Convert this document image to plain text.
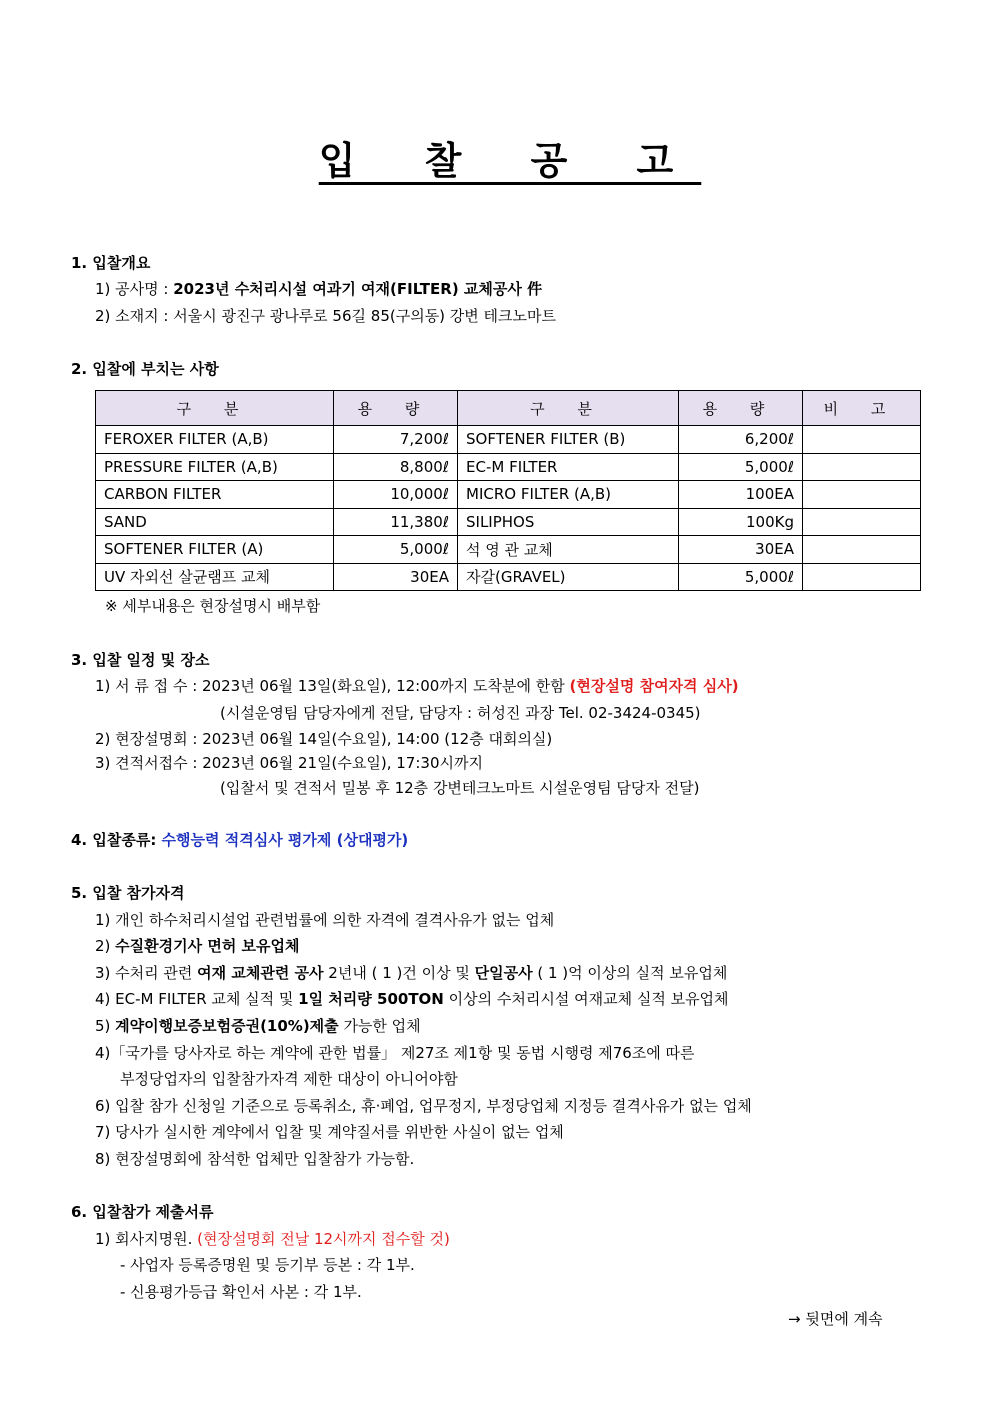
입 찰 공 고
1. 입찰개요
1) 공사명 : 2023년 수처리시설 여과기 여재(FILTER) 교체공사 件
2) 소재지 : 서울시 광진구 광나루로 56길 85(구의동) 강변 테크노마트
2. 입찰에 부치는 사항
구 분	용 량	구 분	용 량	비 고
FEROXER FILTER (A,B)	7,200ℓ	SOFTENER FILTER (B)	6,200ℓ	
PRESSURE FILTER (A,B)	8,800ℓ	EC-M FILTER	5,000ℓ	
CARBON FILTER	10,000ℓ	MICRO FILTER (A,B)	100EA	
SAND	11,380ℓ	SILIPHOS	100Kg	
SOFTENER FILTER (A)	5,000ℓ	석 영 관 교체	30EA	
UV 자외선 살균램프 교체	30EA	자갈(GRAVEL)	5,000ℓ	
※ 세부내용은 현장설명시 배부함
3. 입찰 일정 및 장소
1) 서 류 접 수 : 2023년 06월 13일(화요일), 12:00까지 도착분에 한함 (현장설명 참여자격 심사)
(시설운영팀 담당자에게 전달, 담당자 : 허성진 과장 Tel. 02-3424-0345)
2) 현장설명회 : 2023년 06월 14일(수요일), 14:00 (12층 대회의실)
3) 견적서접수 : 2023년 06월 21일(수요일), 17:30시까지
(입찰서 및 견적서 밀봉 후 12층 강변테크노마트 시설운영팀 담당자 전달)
4. 입찰종류: 수행능력 적격심사 평가제 (상대평가)
5. 입찰 참가자격
1) 개인 하수처리시설업 관련법률에 의한 자격에 결격사유가 없는 업체
2) 수질환경기사 면허 보유업체
3) 수처리 관련 여재 교체관련 공사 2년내 ( 1 )건 이상 및 단일공사 ( 1 )억 이상의 실적 보유업체
4) EC-M FILTER 교체 실적 및 1일 처리량 500TON 이상의 수처리시설 여재교체 실적 보유업체
5) 계약이행보증보험증권(10%)제출 가능한 업체
4)「국가를 당사자로 하는 계약에 관한 법률」 제27조 제1항 및 동법 시행령 제76조에 따른
부정당업자의 입찰참가자격 제한 대상이 아니어야함
6) 입찰 참가 신청일 기준으로 등록취소, 휴·폐업, 업무정지, 부정당업체 지정등 결격사유가 없는 업체
7) 당사가 실시한 계약에서 입찰 및 계약질서를 위반한 사실이 없는 업체
8) 현장설명회에 참석한 업체만 입찰참가 가능함.
6. 입찰참가 제출서류
1) 회사지명원. (현장설명회 전날 12시까지 접수할 것)
- 사업자 등록증명원 및 등기부 등본 : 각 1부.
- 신용평가등급 확인서 사본 : 각 1부.
→ 뒷면에 계속
